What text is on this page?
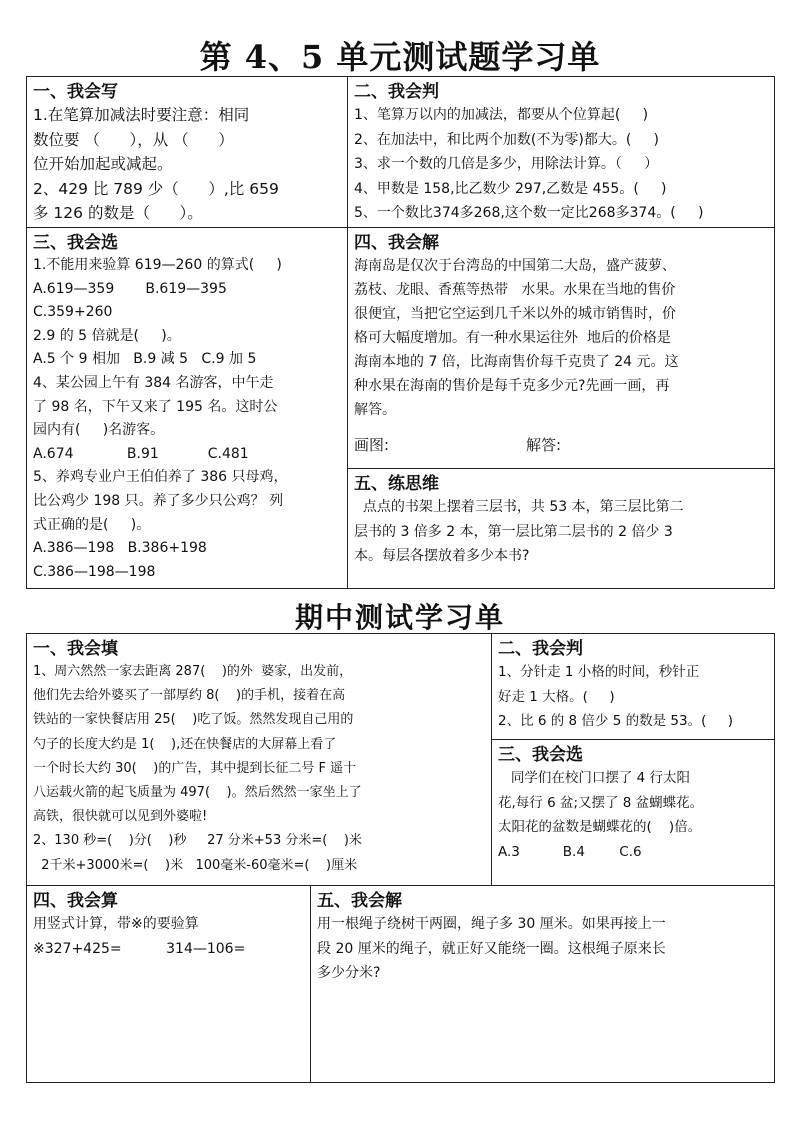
第 4、5 单元测试题学习单
一、我会写

1.在笔算加减法时要注意：相同

数位要 （      ），从 （      ）

位开始加起或减起。

2、429 比 789 少（      ）,比 659

多 126 的数是（      ）。

二、我会判

1、笔算万以内的加减法，都要从个位算起(     )

2、在加法中，和比两个加数(不为零)都大。(     )

3、求一个数的几倍是多少，用除法计算。（     ）

4、甲数是 158,比乙数少 297,乙数是 455。(     )

5、一个数比374多268,这个数一定比268多374。(     )

三、我会选

1.不能用来验算 619—260 的算式(     )

A.619—359       B.619—395

C.359+260

2.9 的 5 倍就是(     )。

A.5 个 9 相加   B.9 减 5   C.9 加 5

4、某公园上午有 384 名游客，中午走

了 98 名，下午又来了 195 名。这时公

园内有(     )名游客。

A.674            B.91           C.481

5、养鸡专业户王伯伯养了 386 只母鸡，

比公鸡少 198 只。养了多少只公鸡？ 列

式正确的是(     )。

A.386—198   B.386+198

C.386—198—198

四、我会解

海南岛是仅次于台湾岛的中国第二大岛，盛产菠萝、

荔枝、龙眼、香蕉等热带   水果。水果在当地的售价

很便宜，当把它空运到几千米以外的城市销售时，价

格可大幅度增加。有一种水果运往外  地后的价格是

海南本地的 7 倍，比海南售价每千克贵了 24 元。这

种水果在海南的售价是每千克多少元?先画一画，再

解答。

画图:	解答:
五、练思维

点点的书架上摆着三层书，共 53 本，第三层比第二

层书的 3 倍多 2 本，第一层比第二层书的 2 倍少 3

本。每层各摆放着多少本书?

期中测试学习单
一、我会填

1、周六然然一家去距离 287(    )的外  婆家，出发前，

他们先去给外婆买了一部厚约 8(    )的手机，接着在高

铁站的一家快餐店用 25(    )吃了饭。然然发现自己用的

勺子的长度大约是 1(    ),还在快餐店的大屏幕上看了

一个时长大约 30(    )的广告，其中提到长征二号 F 遥十

八运载火箭的起飞质量为 497(    )。然后然然一家坐上了

高铁，很快就可以见到外婆啦!

2、130 秒=(    )分(    )秒     27 分米+53 分米=(    )米

2千米+3000米=(    )米   100毫米-60毫米=(    )厘米

二、我会判

1、分针走 1 小格的时间，秒针正

好走 1 大格。(     )

2、比 6 的 8 倍少 5 的数是 53。(     )

三、我会选

同学们在校门口摆了 4 行太阳

花,每行 6 盆;又摆了 8 盆蝴蝶花。

太阳花的盆数是蝴蝶花的(    )倍。

A.3          B.4        C.6

四、我会算

用竖式计算，带※的要验算

※327+425=          314—106=

五、我会解

用一根绳子绕树干两圈，绳子多 30 厘米。如果再接上一

段 20 厘米的绳子，就正好又能绕一圈。这根绳子原来长

多少分米?
